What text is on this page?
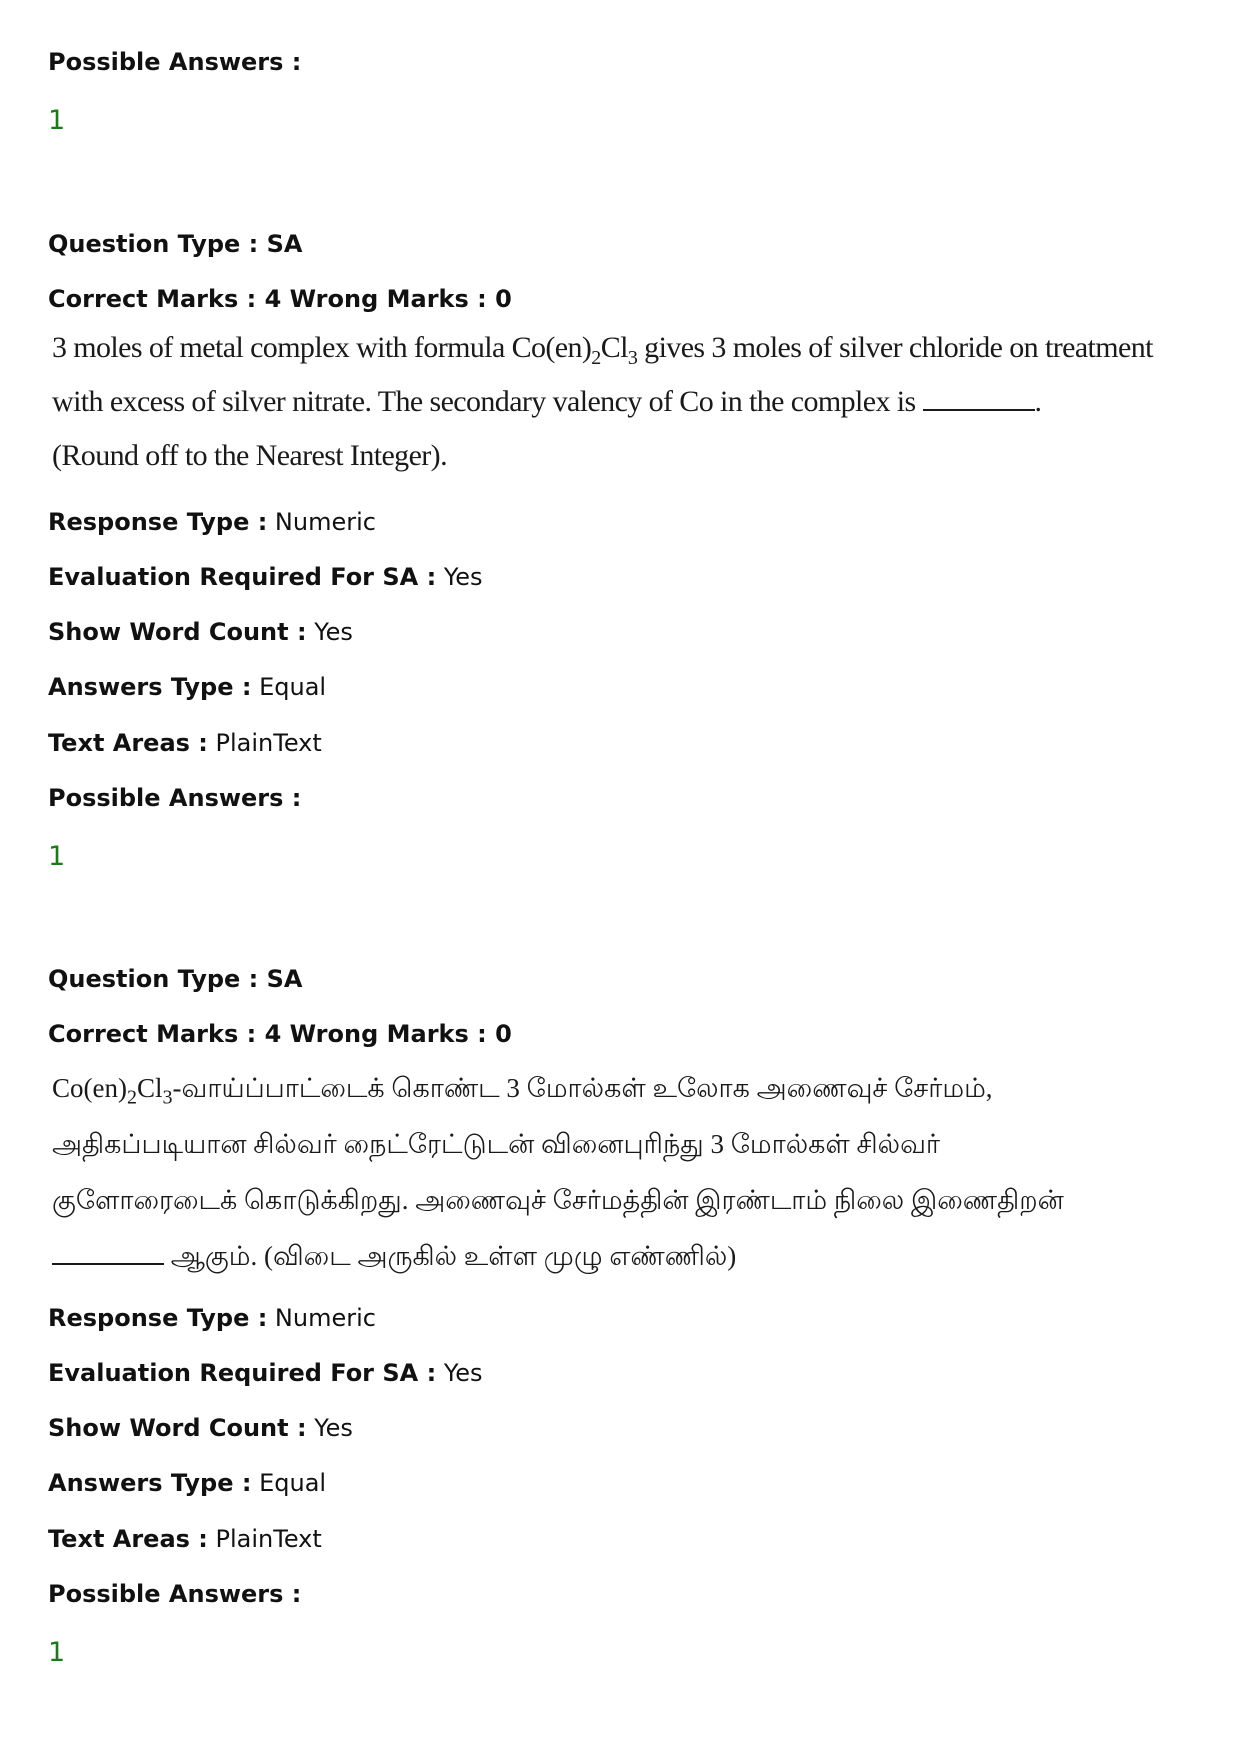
Possible Answers :
1
Question Type : SA
Correct Marks : 4 Wrong Marks : 0
3 moles of metal complex with formula $Co(en)_2Cl_3$ gives 3 moles of silver chloride on treatment
with excess of silver nitrate. The secondary valency of Co in the complex is	.
(Round off to the Nearest Integer).
Response Type : Numeric
Evaluation Required For SA : Yes
Show Word Count : Yes
Answers Type : Equal
Text Areas : PlainText
Possible Answers :
1
Question Type : SA
Correct Marks : 4 Wrong Marks : 0
$Co(en)_2Cl_3-வாய்ப்பாட்டைக்$ கொண்ட 3 மோல்கள் உலோக அணைவுச் சேர்மம்,
அதிகப்படியான சில்வர் நைட்ரேட்டுடன் வினைபுரிந்து 3 மோல்கள் சில்வர்
குளோரைடைக் கொடுக்கிறது. அணைவுச் சேர்மத்தின் இரண்டாம் நிலை இணைதிறன்
ஆகும். (விடை அருகில் உள்ள முழு எண்ணில்)
Response Type : Numeric
Evaluation Required For SA : Yes
Show Word Count : Yes
Answers Type : Equal
Text Areas : PlainText
Possible Answers :
1
